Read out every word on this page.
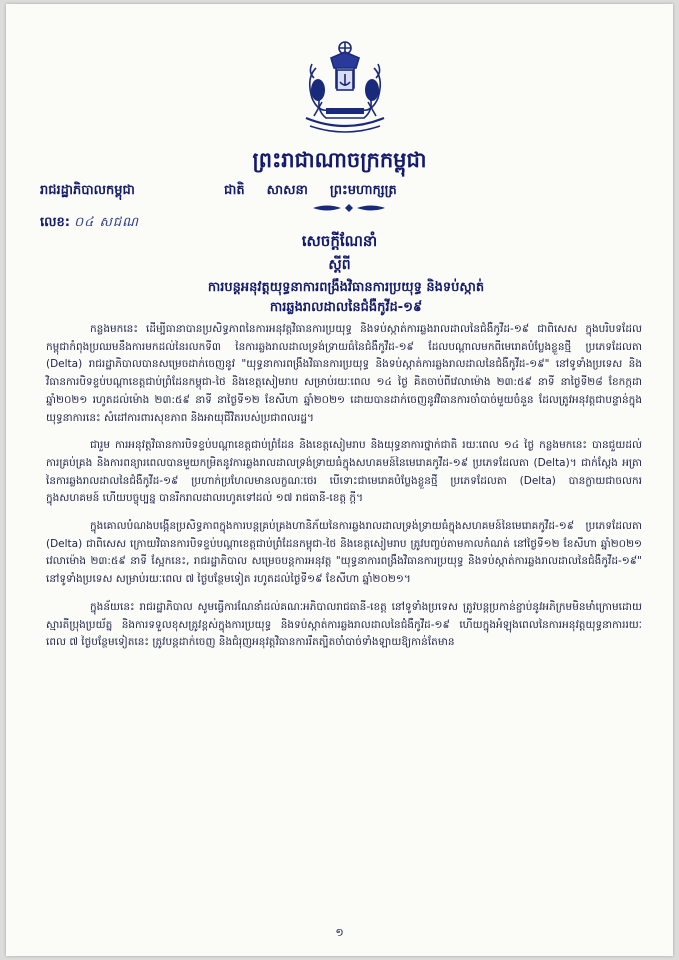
ព្រះរាជាណាចក្រកម្ពុជា
រាជរដ្ឋាភិបាលកម្ពុជា	ជាតិ សាសនា ព្រះមហាក្សត្រ
លេខ: ០៤ សជណ
សេចក្តីណែនាំ
ស្តីពី
ការបន្តអនុវត្តយុទ្ធនាការពង្រឹងវិធានការប្រយុទ្ធ និងទប់ស្កាត់
ការឆ្លងរាលដាលនៃជំងឺកូវីដ-១៩

កន្លងមកនេះ ដើម្បីធានាបានប្រសិទ្ធភាពនៃការអនុវត្តវិធានការប្រយុទ្ធ និងទប់ស្កាត់ការឆ្លងរាលដាលនៃជំងឺកូវីដ-១៩ ជាពិសេស ក្នុងបរិបទដែលកម្ពុជាកំពុងប្រឈមនឹងការមកដល់នៃរលកទី៣ នៃការឆ្លងរាលដាលទ្រង់ទ្រាយធំនៃជំងឺកូវីដ-១៩ ដែលបណ្តាលមកពីមេរោគបំប្លែងខ្លួនថ្មី ប្រភេទដែលតា (Delta) រាជរដ្ឋាភិបាលបានសម្រេចដាក់ចេញនូវ "យុទ្ធនាការពង្រឹងវិធានការប្រយុទ្ធ និងទប់ស្កាត់ការឆ្លងរាលដាលនៃជំងឺកូវីដ-១៩" នៅទូទាំងប្រទេស និងវិធានការបិទខ្ទប់បណ្តាខេត្តជាប់ព្រំដែនកម្ពុជា-ថៃ និងខេត្តសៀមរាប សម្រាប់រយៈពេល ១៤ ថ្ងៃ គិតចាប់ពីវេលាម៉ោង ២៣:៥៩ នាទី នាថ្ងៃទី២៨ ខែកក្កដា ឆ្នាំ២០២១ រហូតដល់ម៉ោង ២៣:៥៩ នាទី នាថ្ងៃទី១២ ខែសីហា ឆ្នាំ២០២១ ដោយបានដាក់ចេញនូវវិធានការចាំបាច់មួយចំនួន ដែលត្រូវអនុវត្តជាបន្ទាន់ក្នុងយុទ្ធនាការនេះ សំដៅការពារសុខភាព និងអាយុជីវិតរបស់ប្រជាពលរដ្ឋ។

ជារួម ការអនុវត្តវិធានការបិទខ្ទប់បណ្តាខេត្តជាប់ព្រំដែន និងខេត្តសៀមរាប និងយុទ្ធនាការថ្នាក់ជាតិ រយៈពេល ១៤ ថ្ងៃ កន្លងមកនេះ បានជួយដល់ការគ្រប់គ្រង និងការពន្យារពេលបានមួយកម្រិតនូវការឆ្លងរាលដាលទ្រង់ទ្រាយធំក្នុងសហគមន៍នៃមេរោគកូវីដ-១៩ ប្រភេទដែលតា (Delta)។ ជាក់ស្តែង អត្រានៃការឆ្លងរាលដាលនៃជំងឺកូវីដ-១៩ ប្រហាក់ប្រហែលមានលក្ខណៈថេរ បើទោះជាមេរោគបំប្លែងខ្លួនថ្មី ប្រភេទដែលតា (Delta) បានក្លាយជាចលករក្នុងសហគមន៍ ហើយបច្ចុប្បន្ន បានរីករាលដាលរហូតទៅដល់ ១៧ រាជធានី-ខេត្ត ក្តី។

ក្នុងគោលបំណងបង្កើនប្រសិទ្ធភាពក្នុងការបន្តគ្រប់គ្រងហានិភ័យនៃការឆ្លងរាលដាលទ្រង់ទ្រាយធំក្នុងសហគមន៍នៃមេរោគកូវីដ-១៩ ប្រភេទដែលតា (Delta) ជាពិសេស ក្រោយវិធានការបិទខ្ទប់បណ្តាខេត្តជាប់ព្រំដែនកម្ពុជា-ថៃ និងខេត្តសៀមរាប ត្រូវបញ្ចប់តាមកាលកំណត់ នៅថ្ងៃទី១២ ខែសីហា ឆ្នាំ២០២១ វេលាម៉ោង ២៣:៥៩ នាទី ស្អែកនេះ, រាជរដ្ឋាភិបាល សម្រេចបន្តការអនុវត្ត "យុទ្ធនាការពង្រឹងវិធានការប្រយុទ្ធ និងទប់ស្កាត់ការឆ្លងរាលដាលនៃជំងឺកូវីដ-១៩" នៅទូទាំងប្រទេស សម្រាប់រយៈពេល ៧ ថ្ងៃបន្ថែមទៀត រហូតដល់ថ្ងៃទី១៩ ខែសីហា ឆ្នាំ២០២១។

ក្នុងន័យនេះ រាជរដ្ឋាភិបាល សូមធ្វើការណែនាំដល់គណៈអភិបាលរាជធានី-ខេត្ត នៅទូទាំងប្រទេស ត្រូវបន្តប្រកាន់ខ្ជាប់នូវអភិក្រមមិនមាំក្រោមដោយស្មារតីប្រុងប្រយ័ត្ន និងការទទួលខុសត្រូវខ្ពស់ក្នុងការប្រយុទ្ធ និងទប់ស្កាត់ការឆ្លងរាលដាលនៃជំងឺកូវីដ-១៩ ហើយក្នុងអំឡុងពេលនៃការអនុវត្តយុទ្ធនាការរយៈពេល ៧ ថ្ងៃបន្ថែមទៀតនេះ ត្រូវបន្តដាក់ចេញ និងជំរុញអនុវត្តវិធានការរឹតត្បិតចាំបាច់ទាំងឡាយឱ្យកាន់តែមាន

១
